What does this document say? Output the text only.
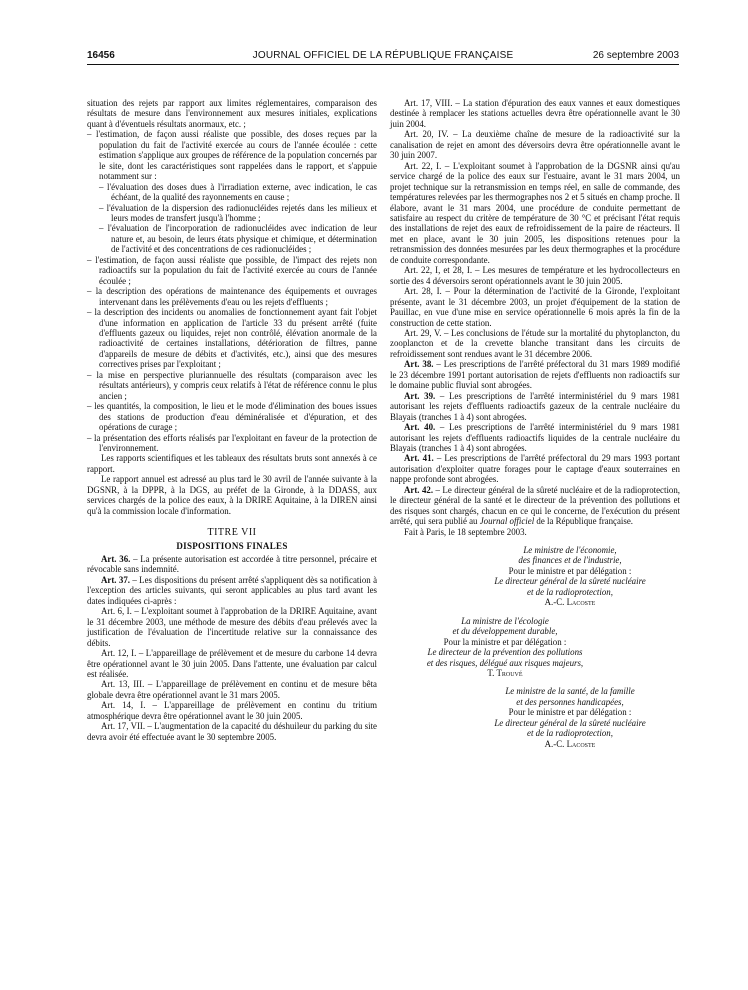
16456	JOURNAL OFFICIEL DE LA RÉPUBLIQUE FRANÇAISE	26 septembre 2003

situation des rejets par rapport aux limites réglementaires, comparaison des résultats de mesure dans l'environnement aux mesures initiales, explications quant à d'éventuels résultats anormaux, etc. ;

– l'estimation, de façon aussi réaliste que possible, des doses reçues par la population du fait de l'activité exercée au cours de l'année écoulée : cette estimation s'applique aux groupes de référence de la population concernés par le site, dont les caractéristiques sont rappelées dans le rapport, et s'appuie notamment sur :

– l'évaluation des doses dues à l'irradiation externe, avec indication, le cas échéant, de la qualité des rayonnements en cause ;

– l'évaluation de la dispersion des radionucléides rejetés dans les milieux et leurs modes de transfert jusqu'à l'homme ;

– l'évaluation de l'incorporation de radionucléides avec indication de leur nature et, au besoin, de leurs états physique et chimique, et détermination de l'activité et des concentrations de ces radionucléides ;

– l'estimation, de façon aussi réaliste que possible, de l'impact des rejets non radioactifs sur la population du fait de l'activité exercée au cours de l'année écoulée ;

– la description des opérations de maintenance des équipements et ouvrages intervenant dans les prélèvements d'eau ou les rejets d'effluents ;

– la description des incidents ou anomalies de fonctionnement ayant fait l'objet d'une information en application de l'article 33 du présent arrêté (fuite d'effluents gazeux ou liquides, rejet non contrôlé, élévation anormale de la radioactivité de certaines installations, détérioration de filtres, panne d'appareils de mesure de débits et d'activités, etc.), ainsi que des mesures correctives prises par l'exploitant ;

– la mise en perspective pluriannuelle des résultats (comparaison avec les résultats antérieurs), y compris ceux relatifs à l'état de référence connu le plus ancien ;

– les quantités, la composition, le lieu et le mode d'élimination des boues issues des stations de production d'eau déminéralisée et d'épuration, et des opérations de curage ;

– la présentation des efforts réalisés par l'exploitant en faveur de la protection de l'environnement.

Les rapports scientifiques et les tableaux des résultats bruts sont annexés à ce rapport.

Le rapport annuel est adressé au plus tard le 30 avril de l'année suivante à la DGSNR, à la DPPR, à la DGS, au préfet de la Gironde, à la DDASS, aux services chargés de la police des eaux, à la DRIRE Aquitaine, à la DIREN ainsi qu'à la commission locale d'information.

TITRE VII
DISPOSITIONS FINALES

Art. 36. – La présente autorisation est accordée à titre personnel, précaire et révocable sans indemnité.

Art. 37. – Les dispositions du présent arrêté s'appliquent dès sa notification à l'exception des articles suivants, qui seront applicables au plus tard avant les dates indiquées ci-après :

Art. 6, I. – L'exploitant soumet à l'approbation de la DRIRE Aquitaine, avant le 31 décembre 2003, une méthode de mesure des débits d'eau prélevés avec la justification de l'évaluation de l'incertitude relative sur la connaissance des débits.

Art. 12, I. – L'appareillage de prélèvement et de mesure du carbone 14 devra être opérationnel avant le 30 juin 2005. Dans l'attente, une évaluation par calcul est réalisée.

Art. 13, III. – L'appareillage de prélèvement en continu et de mesure bêta globale devra être opérationnel avant le 31 mars 2005.

Art. 14, I. – L'appareillage de prélèvement en continu du tritium atmosphérique devra être opérationnel avant le 30 juin 2005.

Art. 17, VII. – L'augmentation de la capacité du déshuileur du parking du site devra avoir été effectuée avant le 30 septembre 2005.

Art. 17, VIII. – La station d'épuration des eaux vannes et eaux domestiques destinée à remplacer les stations actuelles devra être opérationnelle avant le 30 juin 2004.

Art. 20, IV. – La deuxième chaîne de mesure de la radioactivité sur la canalisation de rejet en amont des déversoirs devra être opérationnelle avant le 30 juin 2007.

Art. 22, I. – L'exploitant soumet à l'approbation de la DGSNR ainsi qu'au service chargé de la police des eaux sur l'estuaire, avant le 31 mars 2004, un projet technique sur la retransmission en temps réel, en salle de commande, des températures relevées par les thermographes nos 2 et 5 situés en champ proche. Il élabore, avant le 31 mars 2004, une procédure de conduite permettant de satisfaire au respect du critère de température de 30 °C et précisant l'état requis des installations de rejet des eaux de refroidissement de la paire de réacteurs. Il met en place, avant le 30 juin 2005, les dispositions retenues pour la retransmission des données mesurées par les deux thermographes et la procédure de conduite correspondante.

Art. 22, I, et 28, I. – Les mesures de température et les hydrocollecteurs en sortie des 4 déversoirs seront opérationnels avant le 30 juin 2005.

Art. 28, I. – Pour la détermination de l'activité de la Gironde, l'exploitant présente, avant le 31 décembre 2003, un projet d'équipement de la station de Pauillac, en vue d'une mise en service opérationnelle 6 mois après la fin de la construction de cette station.

Art. 29, V. – Les conclusions de l'étude sur la mortalité du phytoplancton, du zooplancton et de la crevette blanche transitant dans les circuits de refroidissement sont rendues avant le 31 décembre 2006.

Art. 38. – Les prescriptions de l'arrêté préfectoral du 31 mars 1989 modifié le 23 décembre 1991 portant autorisation de rejets d'effluents non radioactifs sur le domaine public fluvial sont abrogées.

Art. 39. – Les prescriptions de l'arrêté interministériel du 9 mars 1981 autorisant les rejets d'effluents radioactifs gazeux de la centrale nucléaire du Blayais (tranches 1 à 4) sont abrogées.

Art. 40. – Les prescriptions de l'arrêté interministériel du 9 mars 1981 autorisant les rejets d'effluents radioactifs liquides de la centrale nucléaire du Blayais (tranches 1 à 4) sont abrogées.

Art. 41. – Les prescriptions de l'arrêté préfectoral du 29 mars 1993 portant autorisation d'exploiter quatre forages pour le captage d'eaux souterraines en nappe profonde sont abrogées.

Art. 42. – Le directeur général de la sûreté nucléaire et de la radioprotection, le directeur général de la santé et le directeur de la prévention des pollutions et des risques sont chargés, chacun en ce qui le concerne, de l'exécution du présent arrêté, qui sera publié au Journal officiel de la République française.

Fait à Paris, le 18 septembre 2003.

Le ministre de l'économie,
des finances et de l'industrie,
Pour le ministre et par délégation :
Le directeur général de la sûreté nucléaire
et de la radioprotection,
A.-C. Lacoste
La ministre de l'écologie
et du développement durable,
Pour la ministre et par délégation :
Le directeur de la prévention des pollutions
et des risques, délégué aux risques majeurs,
T. Trouvé
Le ministre de la santé, de la famille
et des personnes handicapées,
Pour le ministre et par délégation :
Le directeur général de la sûreté nucléaire
et de la radioprotection,
A.-C. Lacoste
